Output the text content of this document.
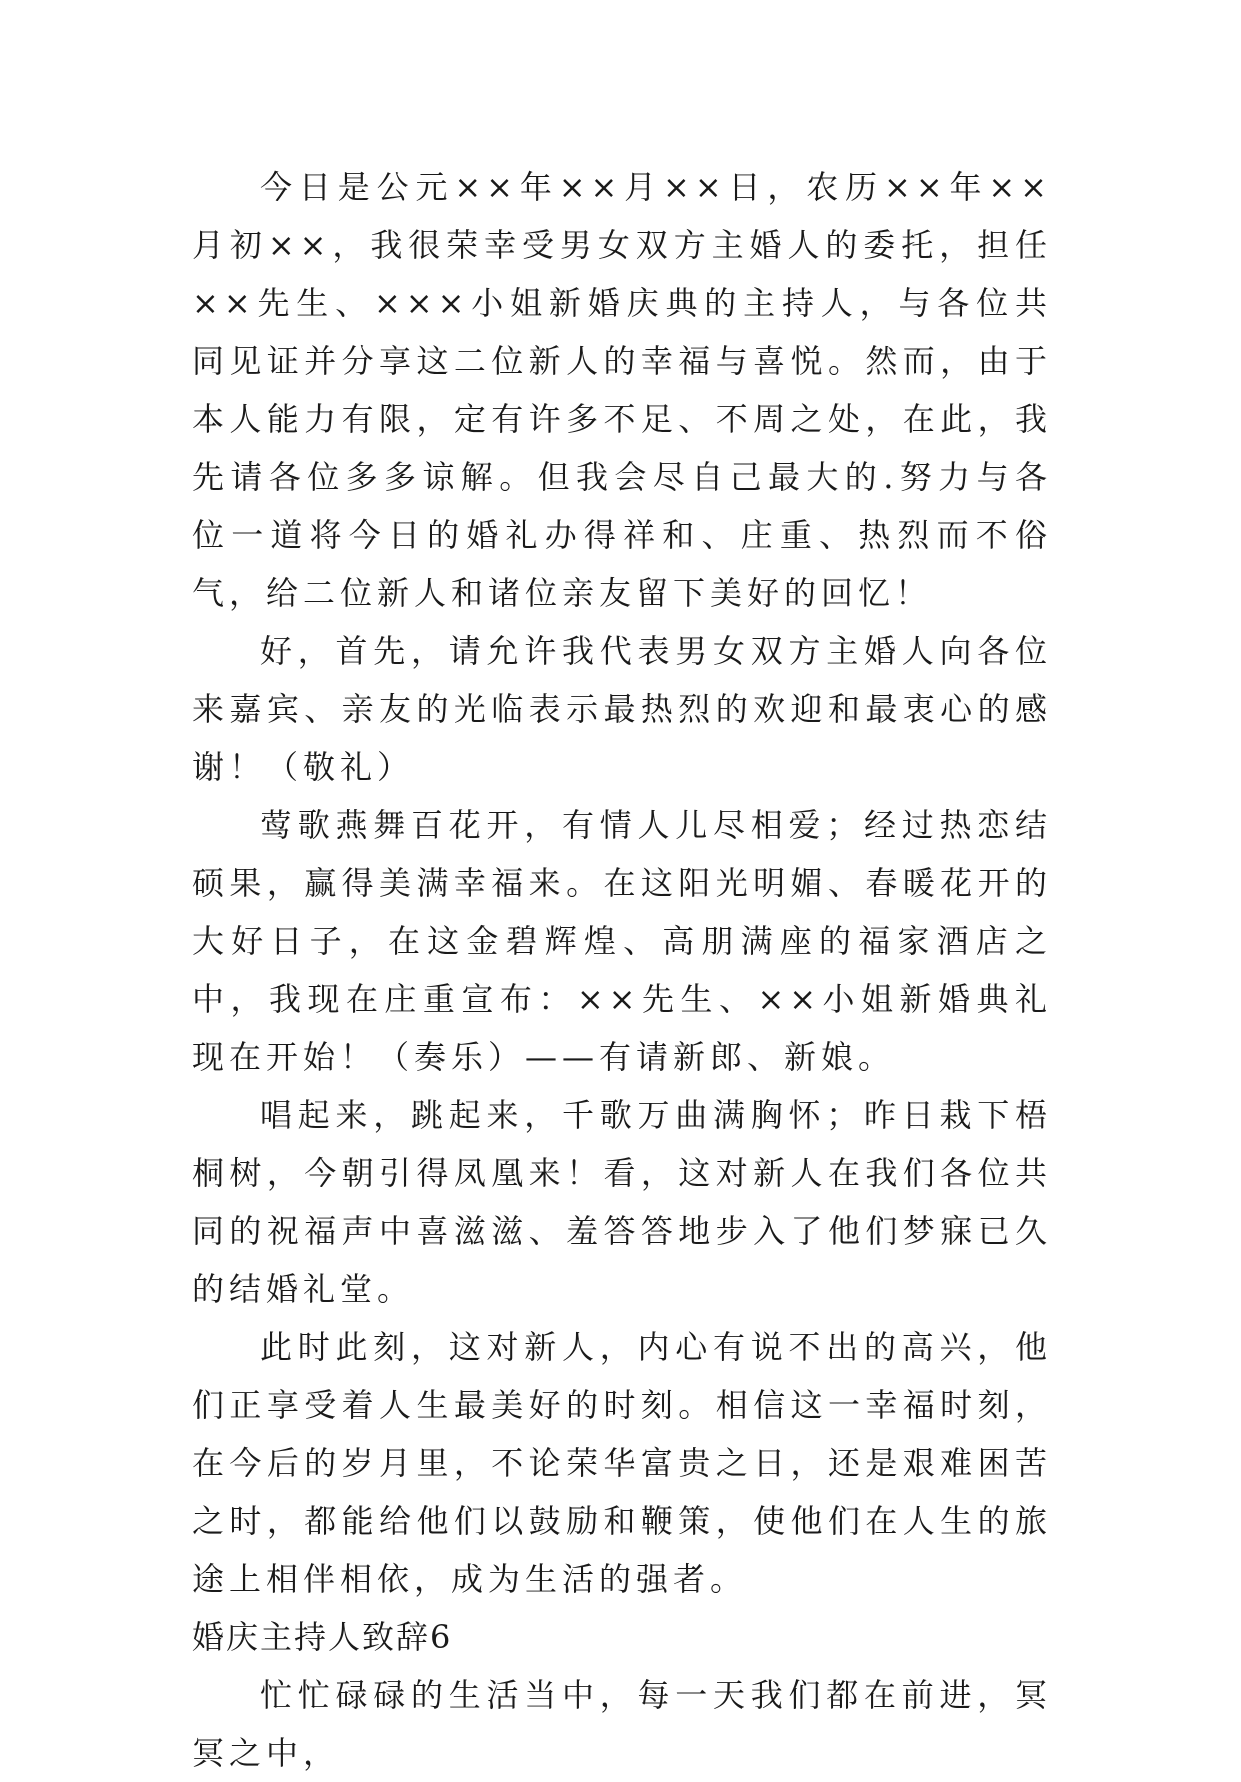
今日是公元××年××月××日，农历××年××月初××，我很荣幸受男女双方主婚人的委托，担任××先生、×××小姐新婚庆典的主持人，与各位共同见证并分享这二位新人的幸福与喜悦。然而，由于本人能力有限，定有许多不足、不周之处，在此，我先请各位多多谅解。但我会尽自己最大的.努力与各位一道将今日的婚礼办得祥和、庄重、热烈而不俗气，给二位新人和诸位亲友留下美好的回忆！

好，首先，请允许我代表男女双方主婚人向各位来嘉宾、亲友的光临表示最热烈的欢迎和最衷心的感谢！（敬礼）

莺歌燕舞百花开，有情人儿尽相爱；经过热恋结硕果，赢得美满幸福来。在这阳光明媚、春暖花开的大好日子，在这金碧辉煌、高朋满座的福家酒店之中，我现在庄重宣布：××先生、××小姐新婚典礼现在开始！（奏乐）——有请新郎、新娘。

唱起来，跳起来，千歌万曲满胸怀；昨日栽下梧桐树，今朝引得凤凰来！看，这对新人在我们各位共同的祝福声中喜滋滋、羞答答地步入了他们梦寐已久的结婚礼堂。

此时此刻，这对新人，内心有说不出的高兴，他们正享受着人生最美好的时刻。相信这一幸福时刻，在今后的岁月里，不论荣华富贵之日，还是艰难困苦之时，都能给他们以鼓励和鞭策，使他们在人生的旅途上相伴相依，成为生活的强者。

婚庆主持人致辞6

忙忙碌碌的生活当中，每一天我们都在前进，冥冥之中，
